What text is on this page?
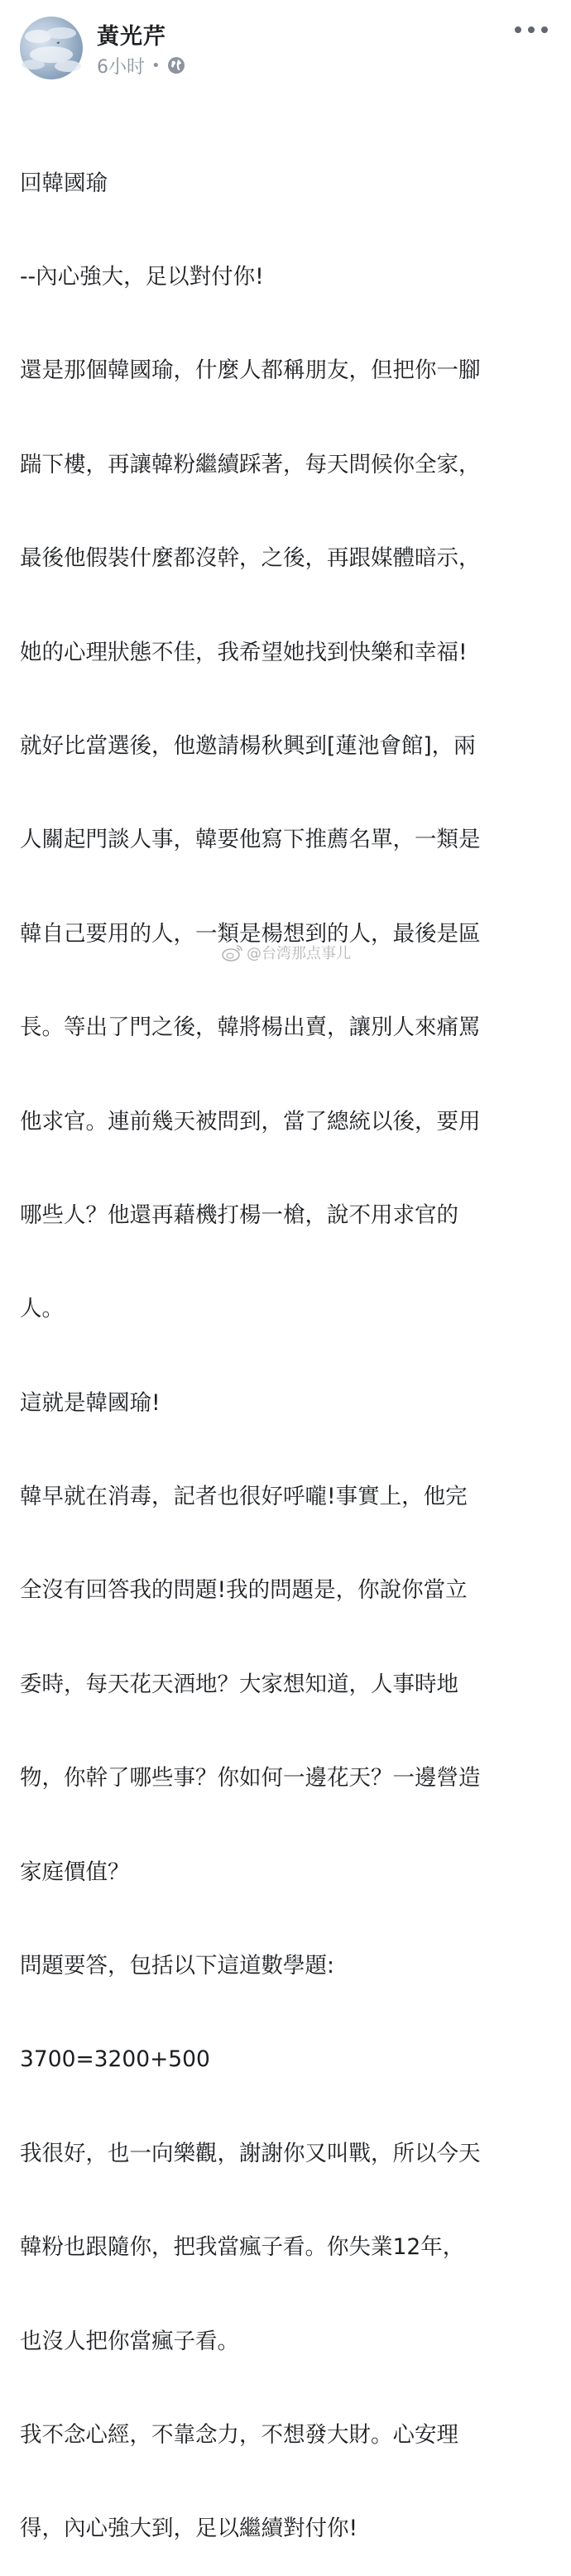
黃光芹
6小时 •

回韓國瑜

--內心強大，足以對付你!

還是那個韓國瑜，什麼人都稱朋友，但把你一腳

踹下樓，再讓韓粉繼續踩著，每天問候你全家，

最後他假裝什麼都沒幹，之後，再跟媒體暗示，

她的心理狀態不佳，我希望她找到快樂和幸福!

就好比當選後，他邀請楊秋興到[蓮池會館]，兩

人關起門談人事，韓要他寫下推薦名單，一類是

韓自己要用的人，一類是楊想到的人，最後是區

長。等出了門之後，韓將楊出賣，讓別人來痛罵

他求官。連前幾天被問到，當了總統以後，要用

哪些人？他還再藉機打楊一槍，說不用求官的

人。

這就是韓國瑜!

韓早就在消毒，記者也很好呼嚨!事實上，他完

全沒有回答我的問題!我的問題是，你說你當立

委時，每天花天酒地？大家想知道，人事時地

物，你幹了哪些事？你如何一邊花天？一邊營造

家庭價值？

問題要答，包括以下這道數學題:

3700=3200+500

我很好，也一向樂觀，謝謝你又叫戰，所以今天

韓粉也跟隨你，把我當瘋子看。你失業12年，

也沒人把你當瘋子看。

我不念心經，不靠念力，不想發大財。心安理

得，內心強大到，足以繼續對付你!

@台湾那点事儿
